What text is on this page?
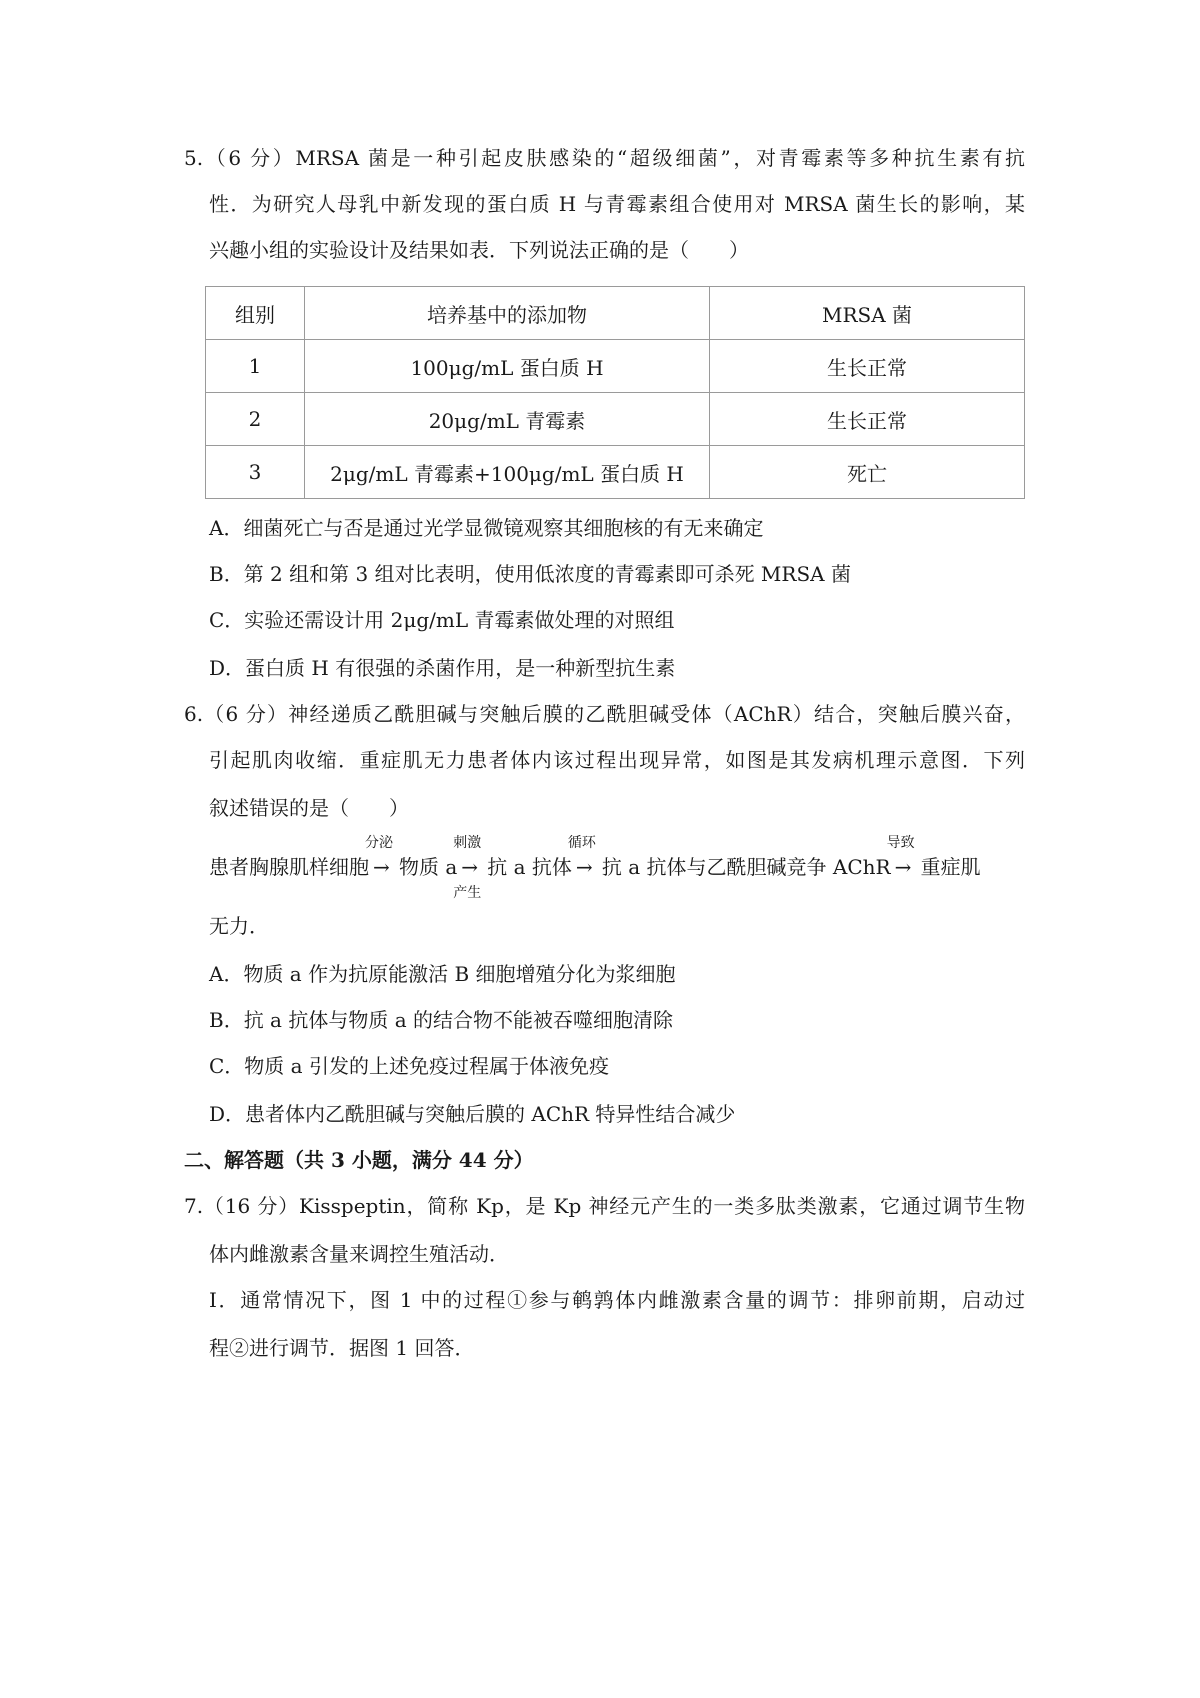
5.（6 分）MRSA 菌是一种引起皮肤感染的“超级细菌”，对青霉素等多种抗生素有抗
性．为研究人母乳中新发现的蛋白质 H 与青霉素组合使用对 MRSA 菌生长的影响，某
兴趣小组的实验设计及结果如表．下列说法正确的是（　　）
组别	培养基中的添加物	MRSA 菌
1	100μg/mL 蛋白质 H	生长正常
2	20μg/mL 青霉素	生长正常
3	2μg/mL 青霉素+100μg/mL 蛋白质 H	死亡
A．细菌死亡与否是通过光学显微镜观察其细胞核的有无来确定
B．第 2 组和第 3 组对比表明，使用低浓度的青霉素即可杀死 MRSA 菌
C．实验还需设计用 2μg/mL 青霉素做处理的对照组
D．蛋白质 H 有很强的杀菌作用，是一种新型抗生素
6.（6 分）神经递质乙酰胆碱与突触后膜的乙酰胆碱受体（AChR）结合，突触后膜兴奋，
引起肌肉收缩．重症肌无力患者体内该过程出现异常，如图是其发病机理示意图．下列
叙述错误的是（　　）
患者胸腺肌样细胞
分泌
→ 物质 a
刺激
→
产生
抗 a 抗体
循环
→ 抗 a 抗体与乙酰胆碱竞争 AChR
导致
→ 重症肌
无力．
A．物质 a 作为抗原能激活 B 细胞增殖分化为浆细胞
B．抗 a 抗体与物质 a 的结合物不能被吞噬细胞清除
C．物质 a 引发的上述免疫过程属于体液免疫
D．患者体内乙酰胆碱与突触后膜的 AChR 特异性结合减少
二、解答题（共 3 小题，满分 44 分）
7.（16 分）Kisspeptin，简称 Kp，是 Kp 神经元产生的一类多肽类激素，它通过调节生物
体内雌激素含量来调控生殖活动．
Ⅰ．通常情况下，图 1 中的过程①参与鹌鹑体内雌激素含量的调节：排卵前期，启动过
程②进行调节．据图 1 回答．
